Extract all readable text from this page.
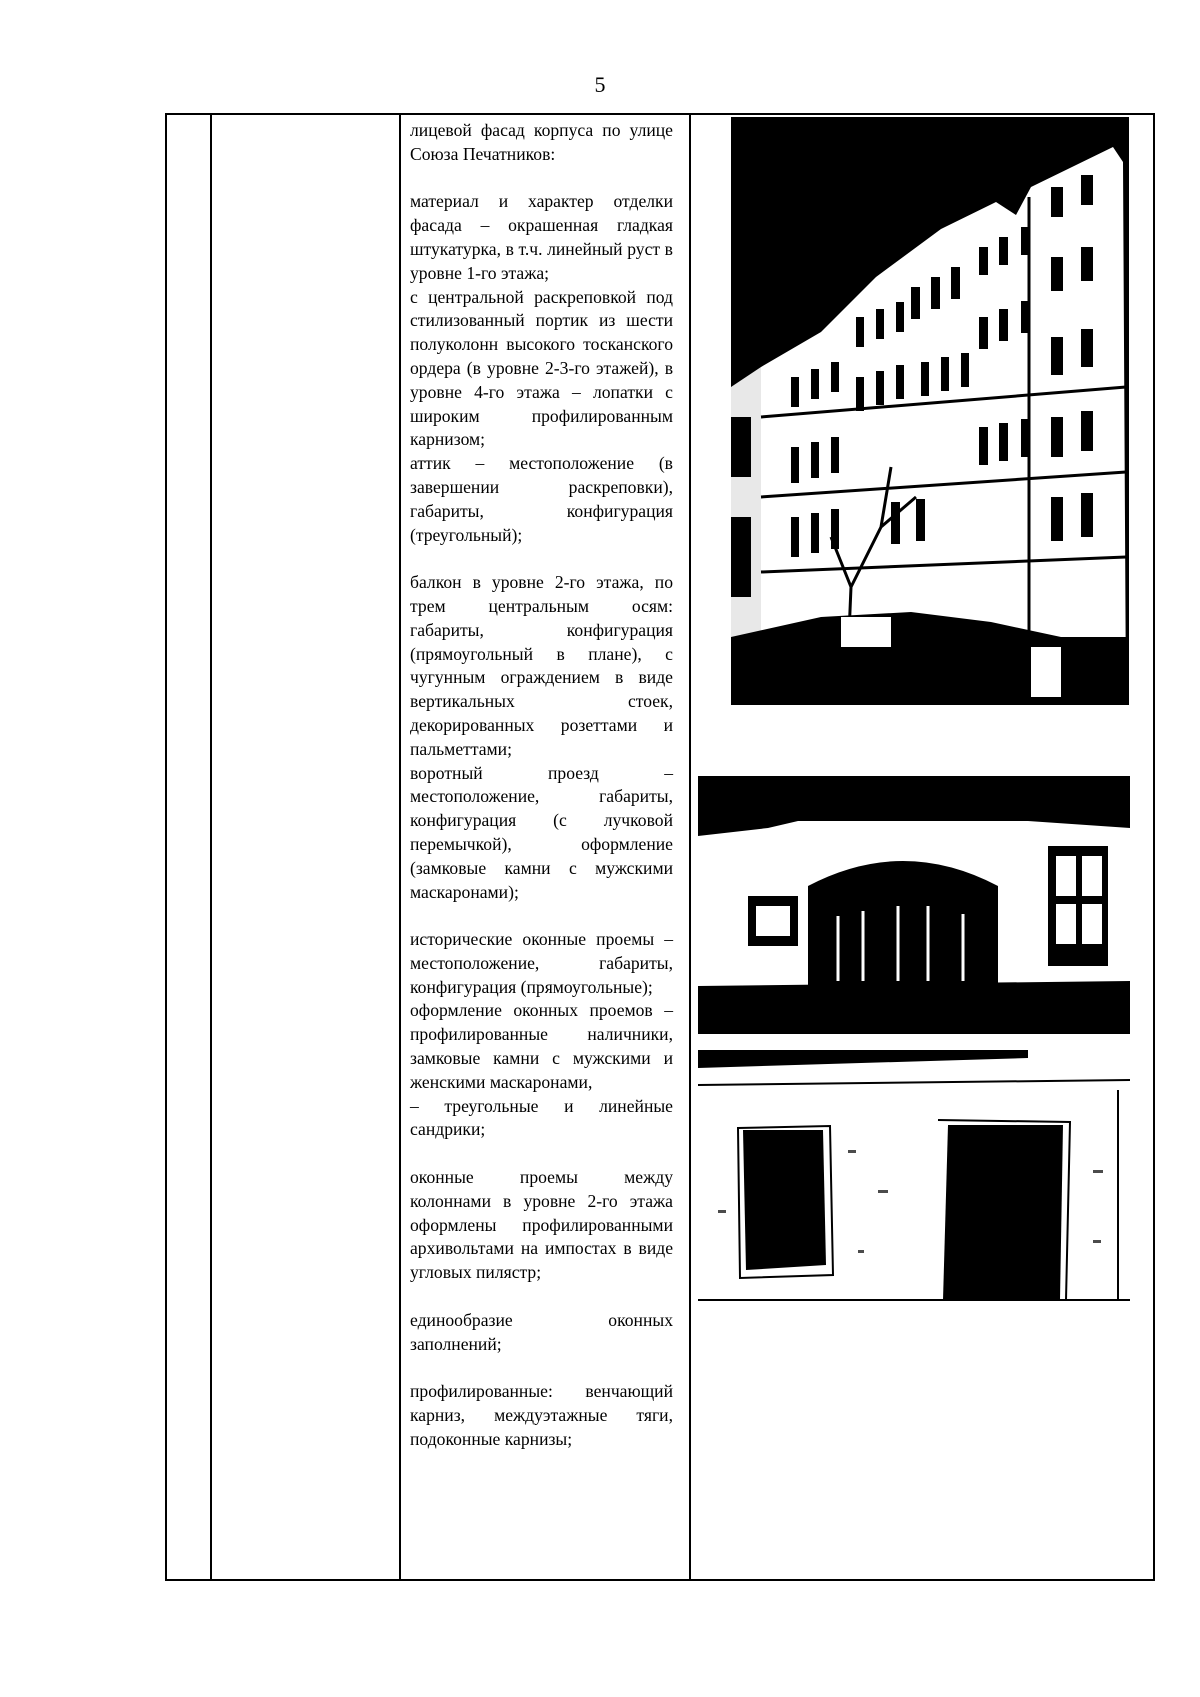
5

лицевой фасад корпуса по улице Союза Печатников:

материал и характер отделки фасада – окрашенная гладкая штукатурка, в т.ч. линейный руст в уровне 1-го этажа;

с центральной раскреповкой под стилизованный портик из шести полуколонн высокого тосканского ордера (в уровне 2-3-го этажей), в уровне 4-го этажа – лопатки с широким профилированным карнизом;

аттик – местоположение (в завершении раскреповки), габариты, конфигурация (треугольный);

балкон в уровне 2-го этажа, по трем центральным осям: габариты, конфигурация (прямоугольный в плане), с чугунным ограждением в виде вертикальных стоек, декорированных розеттами и пальметтами;

воротный проезд – местоположение, габариты, конфигурация (с лучковой перемычкой), оформление (замковые камни с мужскими маскаронами);

исторические оконные проемы – местоположение, габариты, конфигурация (прямоугольные);

оформление оконных проемов – профилированные наличники, замковые камни с мужскими и женскими маскаронами,

– треугольные и линейные сандрики;

оконные проемы между колоннами в уровне 2-го этажа оформлены профилированными архивольтами на импостах в виде угловых пилястр;

единообразие оконных заполнений;

профилированные: венчающий карниз, междуэтажные тяги, подоконные карнизы;
